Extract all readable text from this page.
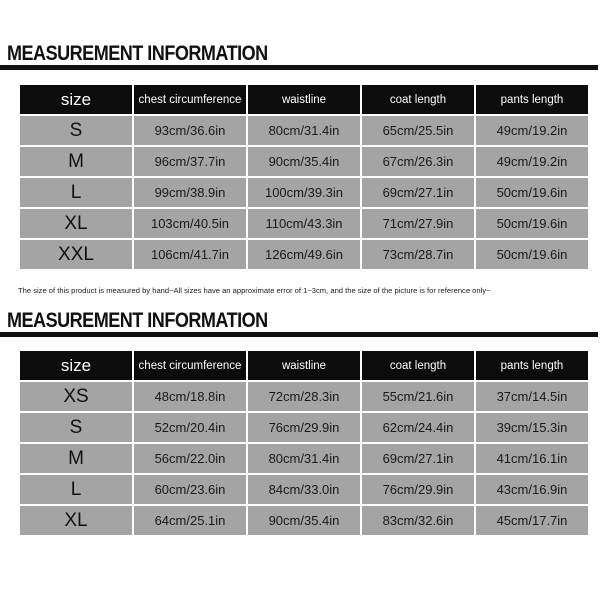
MEASUREMENT INFORMATION
size	chest circumference	waistline	coat length	pants length
S	93cm/36.6in	80cm/31.4in	65cm/25.5in	49cm/19.2in
M	96cm/37.7in	90cm/35.4in	67cm/26.3in	49cm/19.2in
L	99cm/38.9in	100cm/39.3in	69cm/27.1in	50cm/19.6in
XL	103cm/40.5in	110cm/43.3in	71cm/27.9in	50cm/19.6in
XXL	106cm/41.7in	126cm/49.6in	73cm/28.7in	50cm/19.6in
The size of this product is measured by hand~All sizes have an approximate error of 1~3cm, and the size of the picture is for reference only~
MEASUREMENT INFORMATION
size	chest circumference	waistline	coat length	pants length
XS	48cm/18.8in	72cm/28.3in	55cm/21.6in	37cm/14.5in
S	52cm/20.4in	76cm/29.9in	62cm/24.4in	39cm/15.3in
M	56cm/22.0in	80cm/31.4in	69cm/27.1in	41cm/16.1in
L	60cm/23.6in	84cm/33.0in	76cm/29.9in	43cm/16.9in
XL	64cm/25.1in	90cm/35.4in	83cm/32.6in	45cm/17.7in
